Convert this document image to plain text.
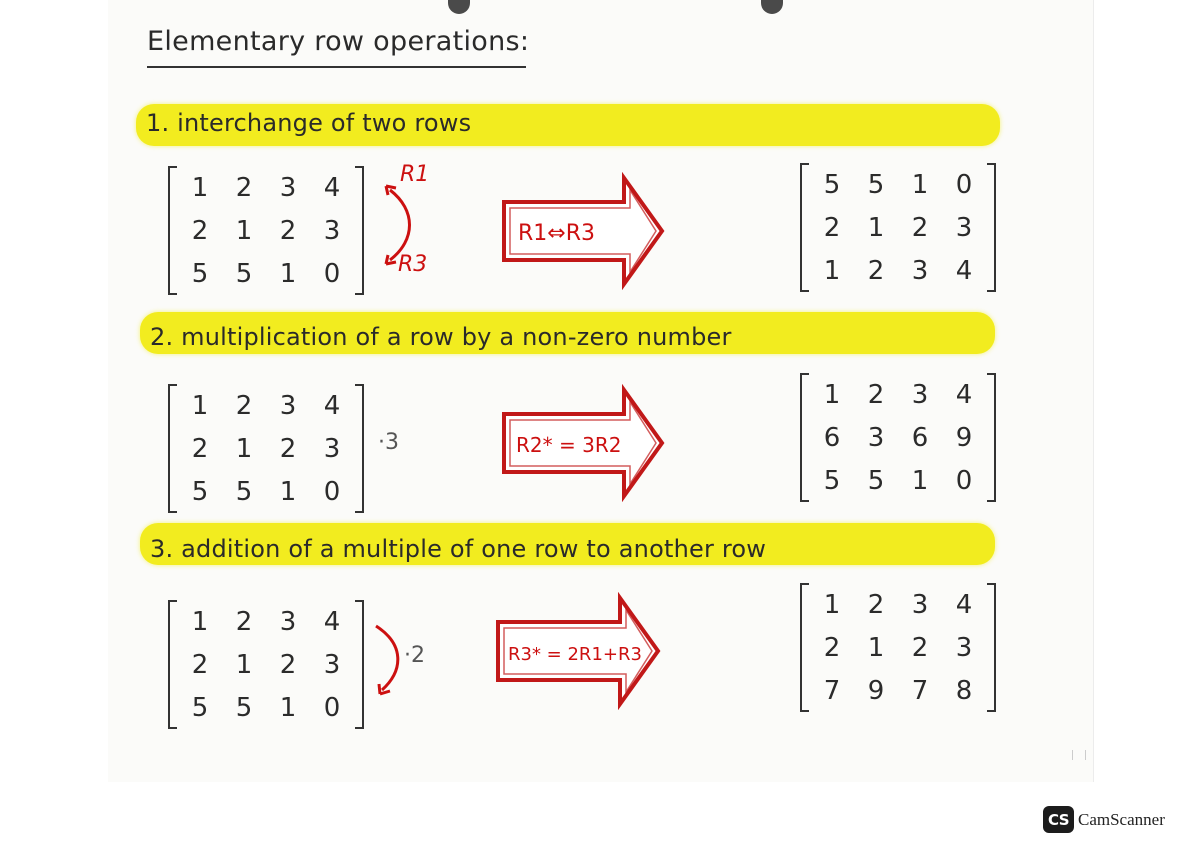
Elementary row operations:
1. interchange of two rows
1	2	3	4
2	1	2	3
5	5	1	0
R1
R3
R1⇔R3
5	5	1	0
2	1	2	3
1	2	3	4
2. multiplication of a row by a non-zero number
1	2	3	4
2	1	2	3
5	5	1	0
·3	R2* = 3R2
1	2	3	4
6	3	6	9
5	5	1	0
3. addition of a multiple of one row to another row
1	2	3	4
2	1	2	3
5	5	1	0
·2	R3* = 2R1+R3
1	2	3	4
2	1	2	3
7	9	7	8
CS CamScanner
